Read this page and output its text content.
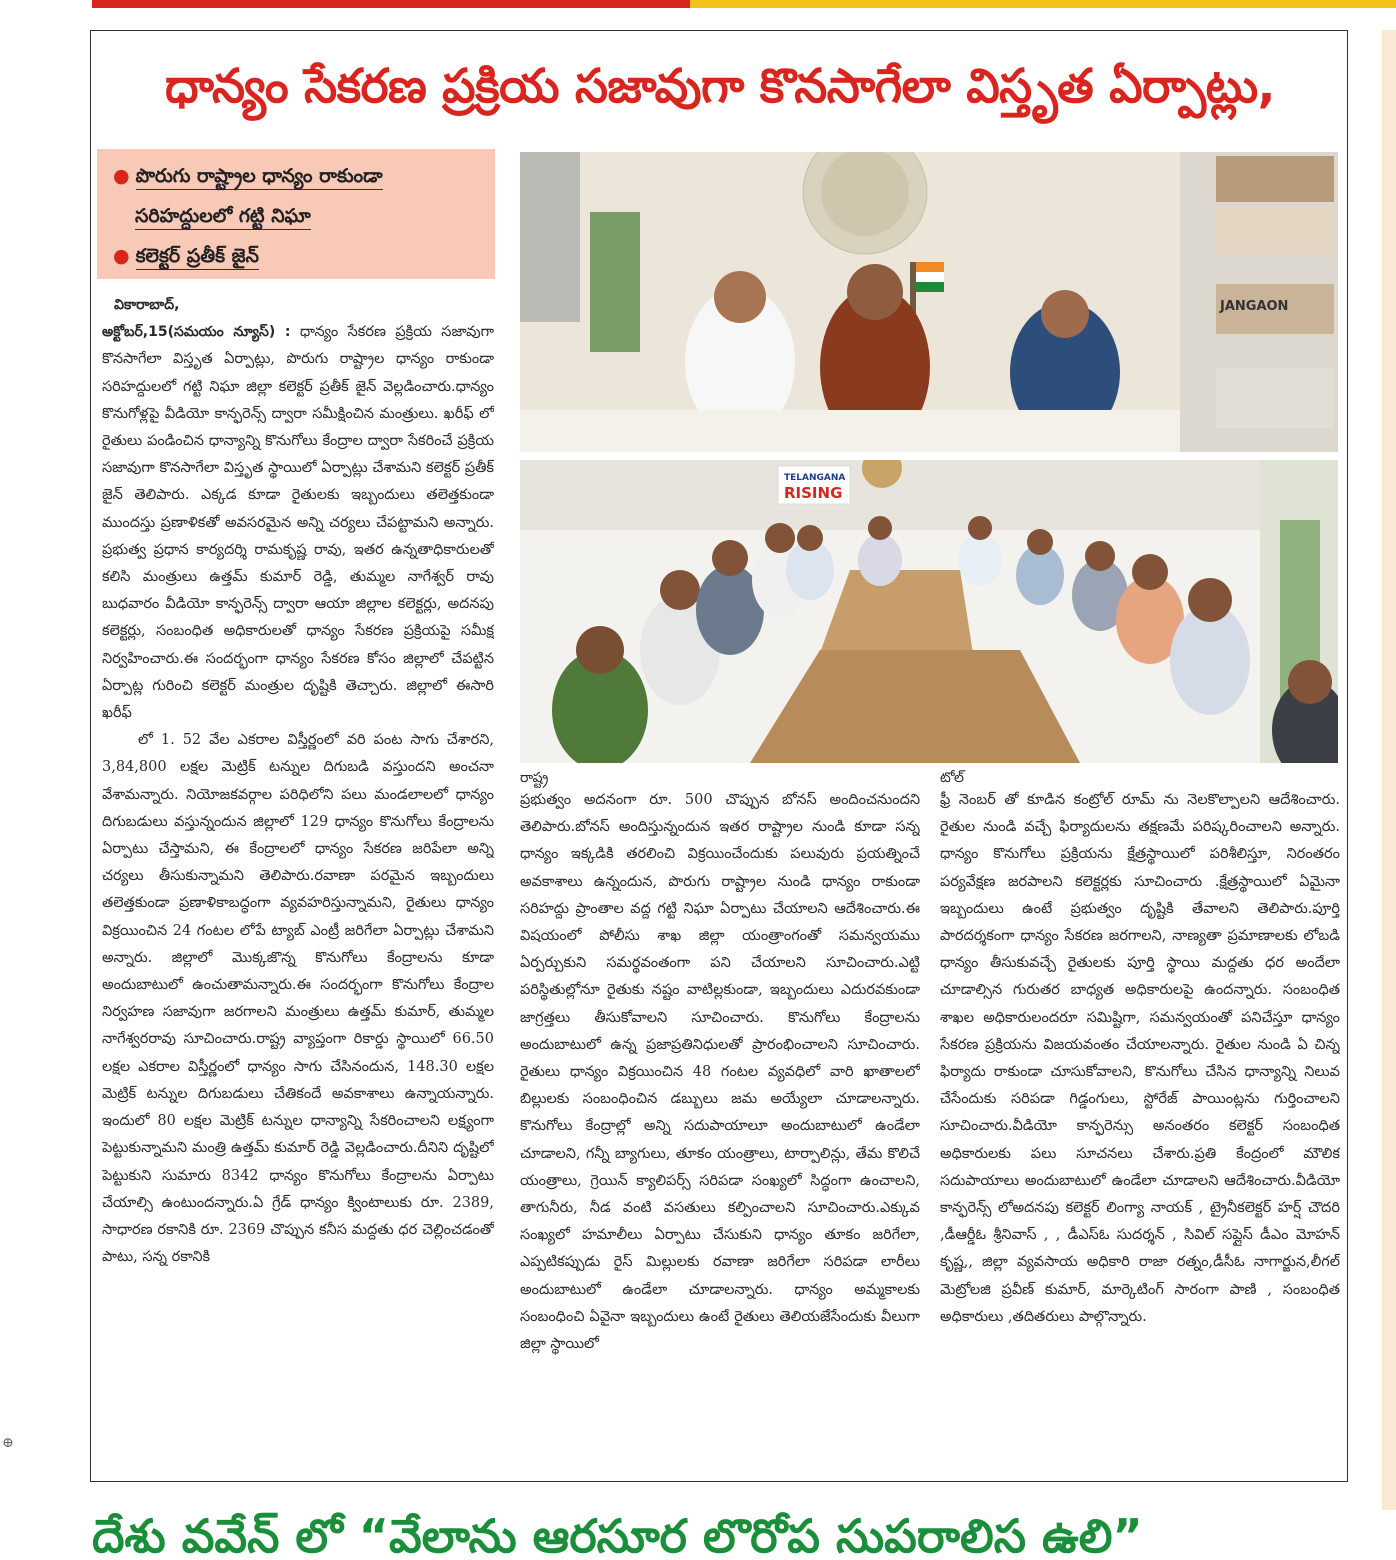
ధాన్యం సేకరణ ప్రక్రియ సజావుగా కొనసాగేలా విస్తృత ఏర్పాట్లు,
● పొరుగు రాష్ట్రాల ధాన్యం రాకుండా
సరిహద్దులలో గట్టి నిఘా
● కలెక్టర్ ప్రతీక్ జైన్

వికారాబాద్,

అక్టోబర్,15(సమయం న్యూస్) : ధాన్యం సేకరణ ప్రక్రియ సజావుగా కొనసాగేలా విస్తృత ఏర్పాట్లు, పొరుగు రాష్ట్రాల ధాన్యం రాకుండా సరిహద్దులలో గట్టి నిఘా జిల్లా కలెక్టర్ ప్రతీక్ జైన్ వెల్లడించారు.ధాన్యం కొనుగోళ్లపై వీడియో కాన్ఫరెన్స్ ద్వారా సమీక్షించిన మంత్రులు. ఖరీఫ్ లో రైతులు పండించిన ధాన్యాన్ని కొనుగోలు కేంద్రాల ద్వారా సేకరించే ప్రక్రియ సజావుగా కొనసాగేలా విస్తృత స్థాయిలో ఏర్పాట్లు చేశామని కలెక్టర్ ప్రతీక్ జైన్ తెలిపారు. ఎక్కడ కూడా రైతులకు ఇబ్బందులు తలెత్తకుండా ముందస్తు ప్రణాళికతో అవసరమైన అన్ని చర్యలు చేపట్టామని అన్నారు. ప్రభుత్వ ప్రధాన కార్యదర్శి రామకృష్ణ రావు, ఇతర ఉన్నతాధికారులతో కలిసి మంత్రులు ఉత్తమ్ కుమార్ రెడ్డి, తుమ్మల నాగేశ్వర్ రావు బుధవారం వీడియో కాన్ఫరెన్స్ ద్వారా ఆయా జిల్లాల కలెక్టర్లు, అదనపు కలెక్టర్లు, సంబంధిత అధికారులతో ధాన్యం సేకరణ ప్రక్రియపై సమీక్ష నిర్వహించారు.ఈ సందర్భంగా ధాన్యం సేకరణ కోసం జిల్లాలో చేపట్టిన ఏర్పాట్ల గురించి కలెక్టర్ మంత్రుల దృష్టికి తెచ్చారు. జిల్లాలో ఈసారి ఖరీఫ్

లో 1. 52 వేల ఎకరాల విస్తీర్ణంలో వరి పంట సాగు చేశారని, 3,84,800 లక్షల మెట్రిక్ టన్నుల దిగుబడి వస్తుందని అంచనా వేశామన్నారు. నియోజకవర్గాల పరిధిలోని పలు మండలాలలో ధాన్యం దిగుబడులు వస్తున్నందున జిల్లాలో 129 ధాన్యం కొనుగోలు కేంద్రాలను ఏర్పాటు చేస్తామని, ఈ కేంద్రాలలో ధాన్యం సేకరణ జరిపేలా అన్ని చర్యలు తీసుకున్నామని తెలిపారు.రవాణా పరమైన ఇబ్బందులు తలెత్తకుండా ప్రణాళికాబద్ధంగా వ్యవహరిస్తున్నామని, రైతులు ధాన్యం విక్రయించిన 24 గంటల లోపే ట్యాబ్ ఎంట్రీ జరిగేలా ఏర్పాట్లు చేశామని అన్నారు. జిల్లాలో మొక్కజొన్న కొనుగోలు కేంద్రాలను కూడా అందుబాటులో ఉంచుతామన్నారు.ఈ సందర్భంగా కొనుగోలు కేంద్రాల నిర్వహణ సజావుగా జరగాలని మంత్రులు ఉత్తమ్ కుమార్, తుమ్మల నాగేశ్వరరావు సూచించారు.రాష్ట్ర వ్యాప్తంగా రికార్డు స్థాయిలో 66.50 లక్షల ఎకరాల విస్తీర్ణంలో ధాన్యం సాగు చేసినందున, 148.30 లక్షల మెట్రిక్ టన్నుల దిగుబడులు చేతికందే అవకాశాలు ఉన్నాయన్నారు. ఇందులో 80 లక్షల మెట్రిక్ టన్నుల ధాన్యాన్ని సేకరించాలని లక్ష్యంగా పెట్టుకున్నామని మంత్రి ఉత్తమ్ కుమార్ రెడ్డి వెల్లడించారు.దీనిని దృష్టిలో పెట్టుకుని సుమారు 8342 ధాన్యం కొనుగోలు కేంద్రాలను ఏర్పాటు చేయాల్సి ఉంటుందన్నారు.ఏ గ్రేడ్ ధాన్యం క్వింటాలుకు రూ. 2389, సాధారణ రకానికి రూ. 2369 చొప్పున కనీస మద్దతు ధర చెల్లించడంతో పాటు, సన్న రకానికి

JANGAON
TELANGANA
RISING
రాష్ట్ర

ప్రభుత్వం అదనంగా రూ. 500 చొప్పున బోనస్ అందించనుందని తెలిపారు.బోనస్ అందిస్తున్నందున ఇతర రాష్ట్రాల నుండి కూడా సన్న ధాన్యం ఇక్కడికి తరలించి విక్రయించేందుకు పలువురు ప్రయత్నించే అవకాశాలు ఉన్నందున, పొరుగు రాష్ట్రాల నుండి ధాన్యం రాకుండా సరిహద్దు ప్రాంతాల వద్ద గట్టి నిఘా ఏర్పాటు చేయాలని ఆదేశించారు.ఈ విషయంలో పోలీసు శాఖ జిల్లా యంత్రాంగంతో సమన్వయము ఏర్పర్చుకుని సమర్థవంతంగా పని చేయాలని సూచించారు.ఎట్టి పరిస్థితుల్లోనూ రైతుకు నష్టం వాటిల్లకుండా, ఇబ్బందులు ఎదురవకుండా జాగ్రత్తలు తీసుకోవాలని సూచించారు. కొనుగోలు కేంద్రాలను అందుబాటులో ఉన్న ప్రజాప్రతినిధులతో ప్రారంభించాలని సూచించారు. రైతులు ధాన్యం విక్రయించిన 48 గంటల వ్యవధిలో వారి ఖాతాలలో బిల్లులకు సంబంధించిన డబ్బులు జమ అయ్యేలా చూడాలన్నారు. కొనుగోలు కేంద్రాల్లో అన్ని సదుపాయాలూ అందుబాటులో ఉండేలా చూడాలని, గన్నీ బ్యాగులు, తూకం యంత్రాలు, టార్పాలిన్లు, తేమ కొలిచే యంత్రాలు, గ్రెయిన్ క్యాలిపర్స్ సరిపడా సంఖ్యలో సిద్ధంగా ఉంచాలని, తాగునీరు, నీడ వంటి వసతులు కల్పించాలని సూచించారు.ఎక్కువ సంఖ్యలో హమాలీలు ఏర్పాటు చేసుకుని ధాన్యం తూకం జరిగేలా, ఎప్పటికప్పుడు రైస్ మిల్లులకు రవాణా జరిగేలా సరిపడా లారీలు అందుబాటులో ఉండేలా చూడాలన్నారు. ధాన్యం అమ్మకాలకు సంబంధించి ఏవైనా ఇబ్బందులు ఉంటే రైతులు తెలియజేసేందుకు వీలుగా జిల్లా స్థాయిలో

టోల్

ఫ్రీ నెంబర్ తో కూడిన కంట్రోల్ రూమ్ ను నెలకొల్పాలని ఆదేశించారు. రైతుల నుండి వచ్చే ఫిర్యాదులను తక్షణమే పరిష్కరించాలని అన్నారు. ధాన్యం కొనుగోలు ప్రక్రియను క్షేత్రస్థాయిలో పరిశీలిస్తూ, నిరంతరం పర్యవేక్షణ జరపాలని కలెక్టర్లకు సూచించారు .క్షేత్రస్థాయిలో ఏమైనా ఇబ్బందులు ఉంటే ప్రభుత్వం దృష్టికి తేవాలని తెలిపారు.పూర్తి పారదర్శకంగా ధాన్యం సేకరణ జరగాలని, నాణ్యతా ప్రమాణాలకు లోబడి ధాన్యం తీసుకువచ్చే రైతులకు పూర్తి స్థాయి మద్దతు ధర అందేలా చూడాల్సిన గురుతర బాధ్యత అధికారులపై ఉందన్నారు. సంబంధిత శాఖల అధికారులందరూ సమిష్టిగా, సమన్వయంతో పనిచేస్తూ ధాన్యం సేకరణ ప్రక్రియను విజయవంతం చేయాలన్నారు. రైతుల నుండి ఏ చిన్న ఫిర్యాదు రాకుండా చూసుకోవాలని, కొనుగోలు చేసిన ధాన్యాన్ని నిలువ చేసేందుకు సరిపడా గిడ్డంగులు, స్టోరేజ్ పాయింట్లను గుర్తించాలని సూచించారు.వీడియో కాన్ఫరెన్సు అనంతరం కలెక్టర్ సంబంధిత అధికారులకు పలు సూచనలు చేశారు.ప్రతి కేంద్రంలో మౌలిక సదుపాయాలు అందుబాటులో ఉండేలా చూడాలని ఆదేశించారు.వీడియో కాన్ఫరెన్స్ లోఅదనపు కలెక్టర్ లింగ్యా నాయక్ , ట్రైనీకలెక్టర్ హర్ష్ చౌదరి ,డీఆర్డీఓ శ్రీనివాస్ , , డీఎస్ఓ సుదర్శన్ , సివిల్ సప్లైస్ డీఎం మోహన్ కృష్ణ,, జిల్లా వ్యవసాయ అధికారి రాజా రత్నం,డీసీఓ నాగార్జున,లీగల్ మెట్రోలజి ప్రవీణ్ కుమార్, మార్కెటింగ్ సారంగా పాణి , సంబంధిత అధికారులు ,తదితరులు పాల్గొన్నారు.

⊕
దేశు వవేన్ లో “వేలాను ఆరసూర లొరోప సుపరాలిస ఉలి”
